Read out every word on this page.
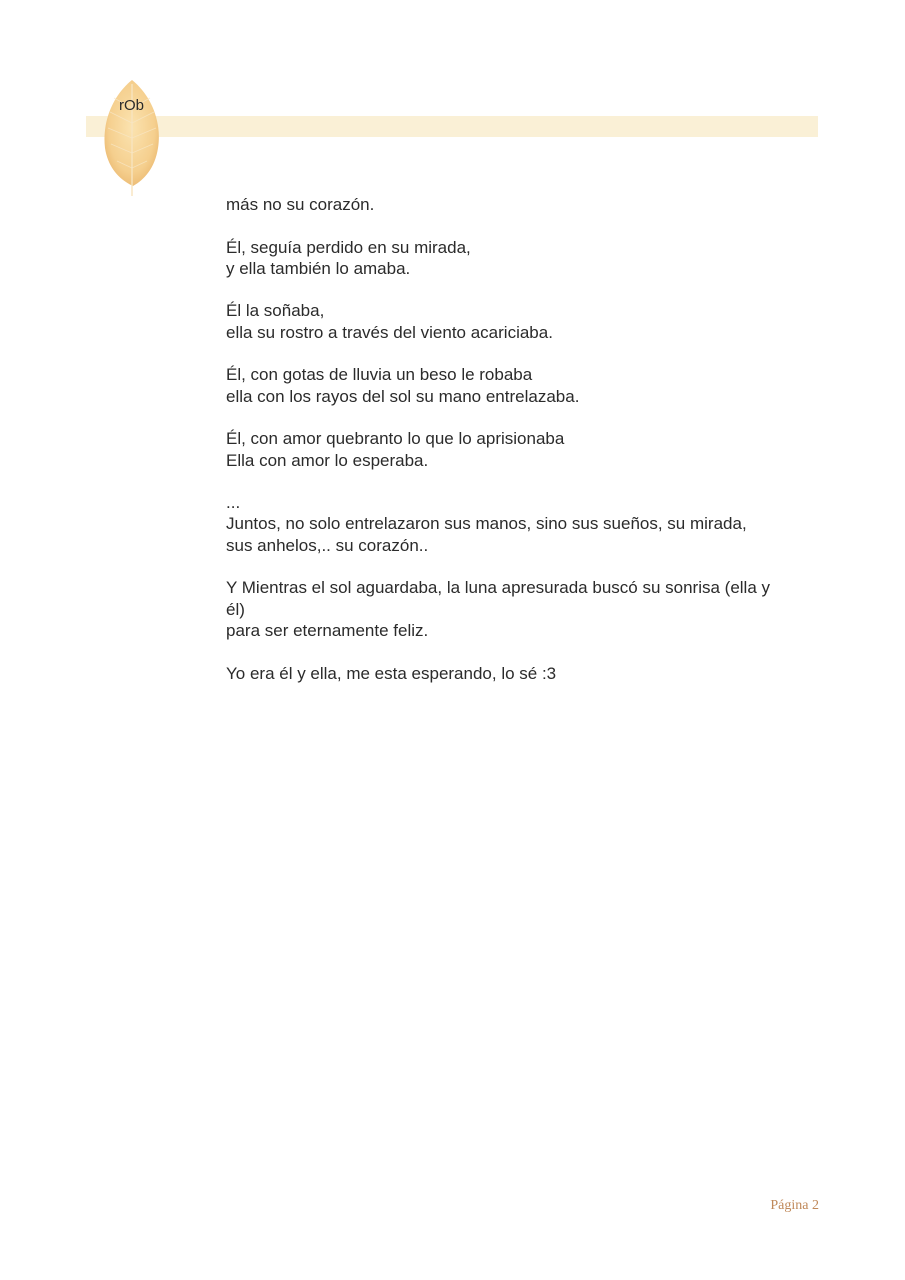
rOb
más no su corazón.
Él, seguía perdido en su mirada,
y ella también lo amaba.
Él la soñaba,
ella su rostro a través del viento acariciaba.
Él, con gotas de lluvia un beso le robaba
ella con los rayos del sol su mano entrelazaba.
Él, con amor quebranto lo que lo aprisionaba
Ella con amor lo esperaba.
...
Juntos, no solo entrelazaron sus manos, sino sus sueños, su mirada,
sus anhelos,.. su corazón..
Y Mientras el sol aguardaba, la luna apresurada buscó su sonrisa (ella y
él)
para ser eternamente feliz.
Yo era él y ella, me esta esperando, lo sé :3
Página 2
